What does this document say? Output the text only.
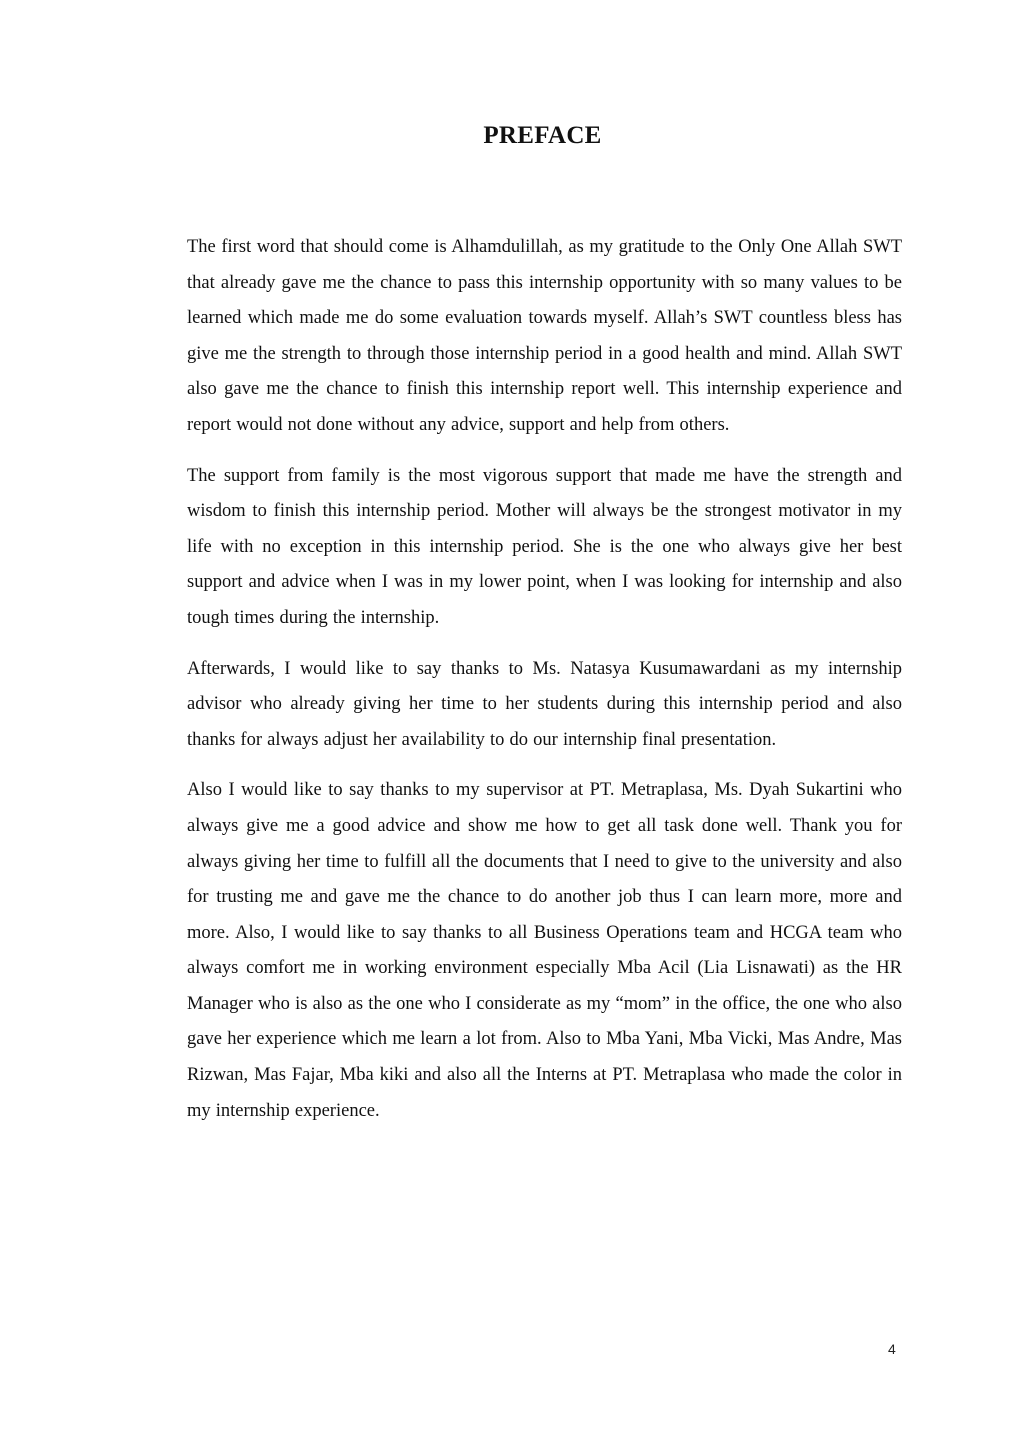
PREFACE

The first word that should come is Alhamdulillah, as my gratitude to the Only One Allah SWT that already gave me the chance to pass this internship opportunity with so many values to be learned which made me do some evaluation towards myself. Allah’s SWT countless bless has give me the strength to through those internship period in a good health and mind. Allah SWT also gave me the chance to finish this internship report well. This internship experience and report would not done without any advice, support and help from others.

The support from family is the most vigorous support that made me have the strength and wisdom to finish this internship period. Mother will always be the strongest motivator in my life with no exception in this internship period. She is the one who always give her best support and advice when I was in my lower point, when I was looking for internship and also tough times during the internship.

Afterwards, I would like to say thanks to Ms. Natasya Kusumawardani as my internship advisor who already giving her time to her students during this internship period and also thanks for always adjust her availability to do our internship final presentation.

Also I would like to say thanks to my supervisor at PT. Metraplasa, Ms. Dyah Sukartini who always give me a good advice and show me how to get all task done well. Thank you for always giving her time to fulfill all the documents that I need to give to the university and also for trusting me and gave me the chance to do another job thus I can learn more, more and more. Also, I would like to say thanks to all Business Operations team and HCGA team who always comfort me in working environment especially Mba Acil (Lia Lisnawati) as the HR Manager who is also as the one who I considerate as my “mom” in the office, the one who also gave her experience which me learn a lot from. Also to Mba Yani, Mba Vicki, Mas Andre, Mas Rizwan, Mas Fajar, Mba kiki and also all the Interns at PT. Metraplasa who made the color in my internship experience.

4
